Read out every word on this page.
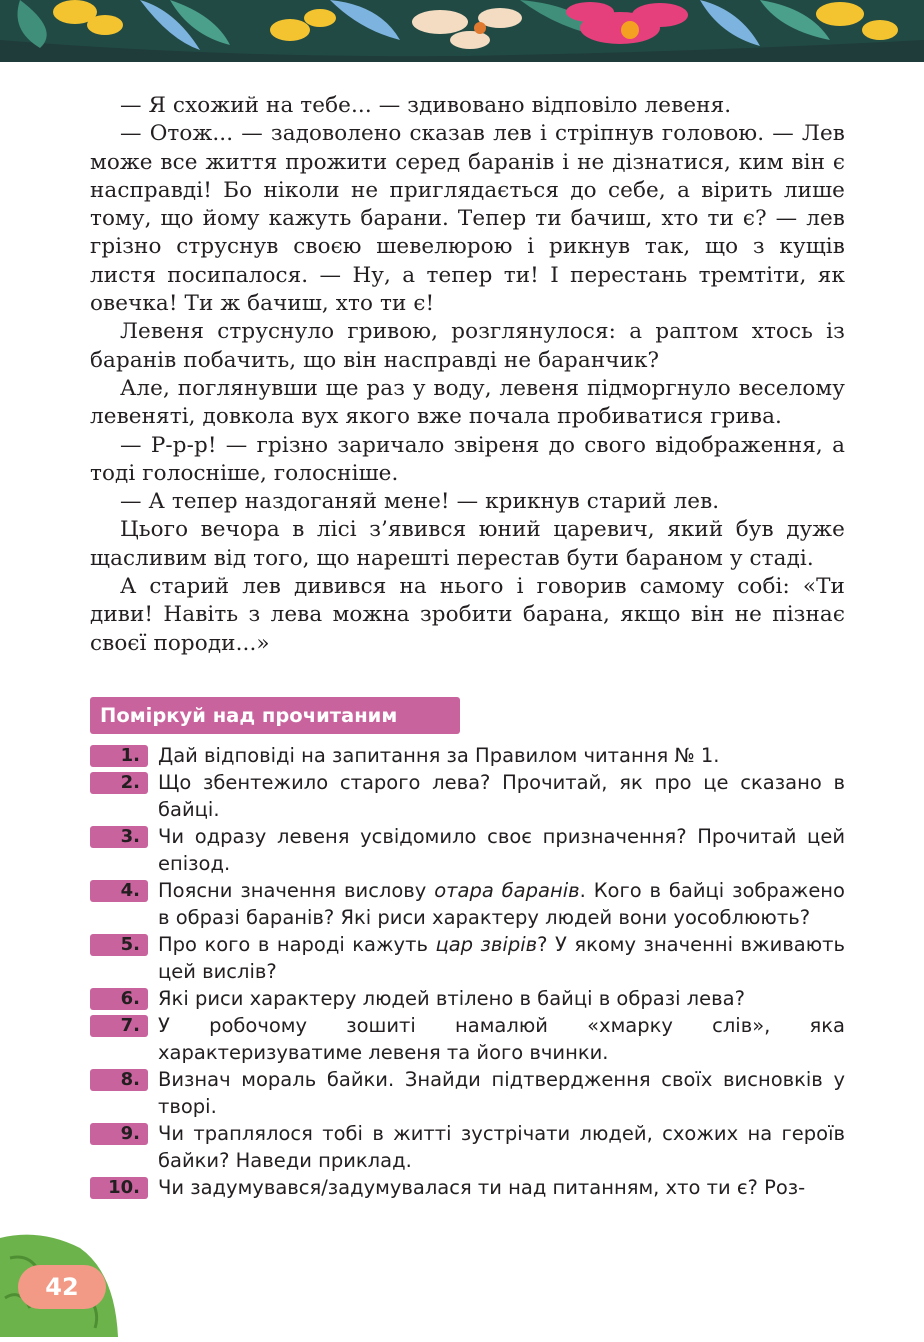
— Я схожий на тебе... — здивовано відповіло левеня.

— Отож... — задоволено сказав лев і стріпнув головою. — Лев може все життя прожити серед баранів і не дізнатися, ким він є насправді! Бо ніколи не приглядається до себе, а вірить лише тому, що йому кажуть барани. Тепер ти бачиш, хто ти є? — лев грізно струснув своєю шевелюрою і рикнув так, що з кущів листя посипалося. — Ну, а тепер ти! І перестань тремтіти, як овечка! Ти ж бачиш, хто ти є!

Левеня струснуло гривою, розглянулося: а раптом хтось із баранів побачить, що він насправді не баранчик?

Але, поглянувши ще раз у воду, левеня підморгнуло веселому левеняті, довкола вух якого вже почала пробиватися грива.

— Р-р-р! — грізно заричало звіреня до свого відображення, а тоді голосніше, голосніше.

— А тепер наздоганяй мене! — крикнув старий лев.

Цього вечора в лісі з’явився юний царевич, який був дуже щасливим від того, що нарешті перестав бути бараном у стаді.

А старий лев дивився на нього і говорив самому собі: «Ти диви! Навіть з лева можна зробити барана, якщо він не пізнає своєї породи...»

Поміркуй над прочитаним
1. Дай відповіді на запитання за Правилом читання № 1.
2. Що збентежило старого лева? Прочитай, як про це сказано в байці.
3. Чи одразу левеня усвідомило своє призначення? Прочитай цей епізод.
4. Поясни значення вислову отара баранів. Кого в байці зображено в образі баранів? Які риси характеру людей вони уособлюють?
5. Про кого в народі кажуть цар звірів? У якому значенні вживають цей вислів?
6. Які риси характеру людей втілено в байці в образі лева?
7. У робочому зошиті намалюй «хмарку слів», яка характеризуватиме левеня та його вчинки.
8. Визнач мораль байки. Знайди підтвердження своїх висновків у творі.
9. Чи траплялося тобі в житті зустрічати людей, схожих на героїв байки? Наведи приклад.
10. Чи задумувався/задумувалася ти над питанням, хто ти є? Роз-
42
